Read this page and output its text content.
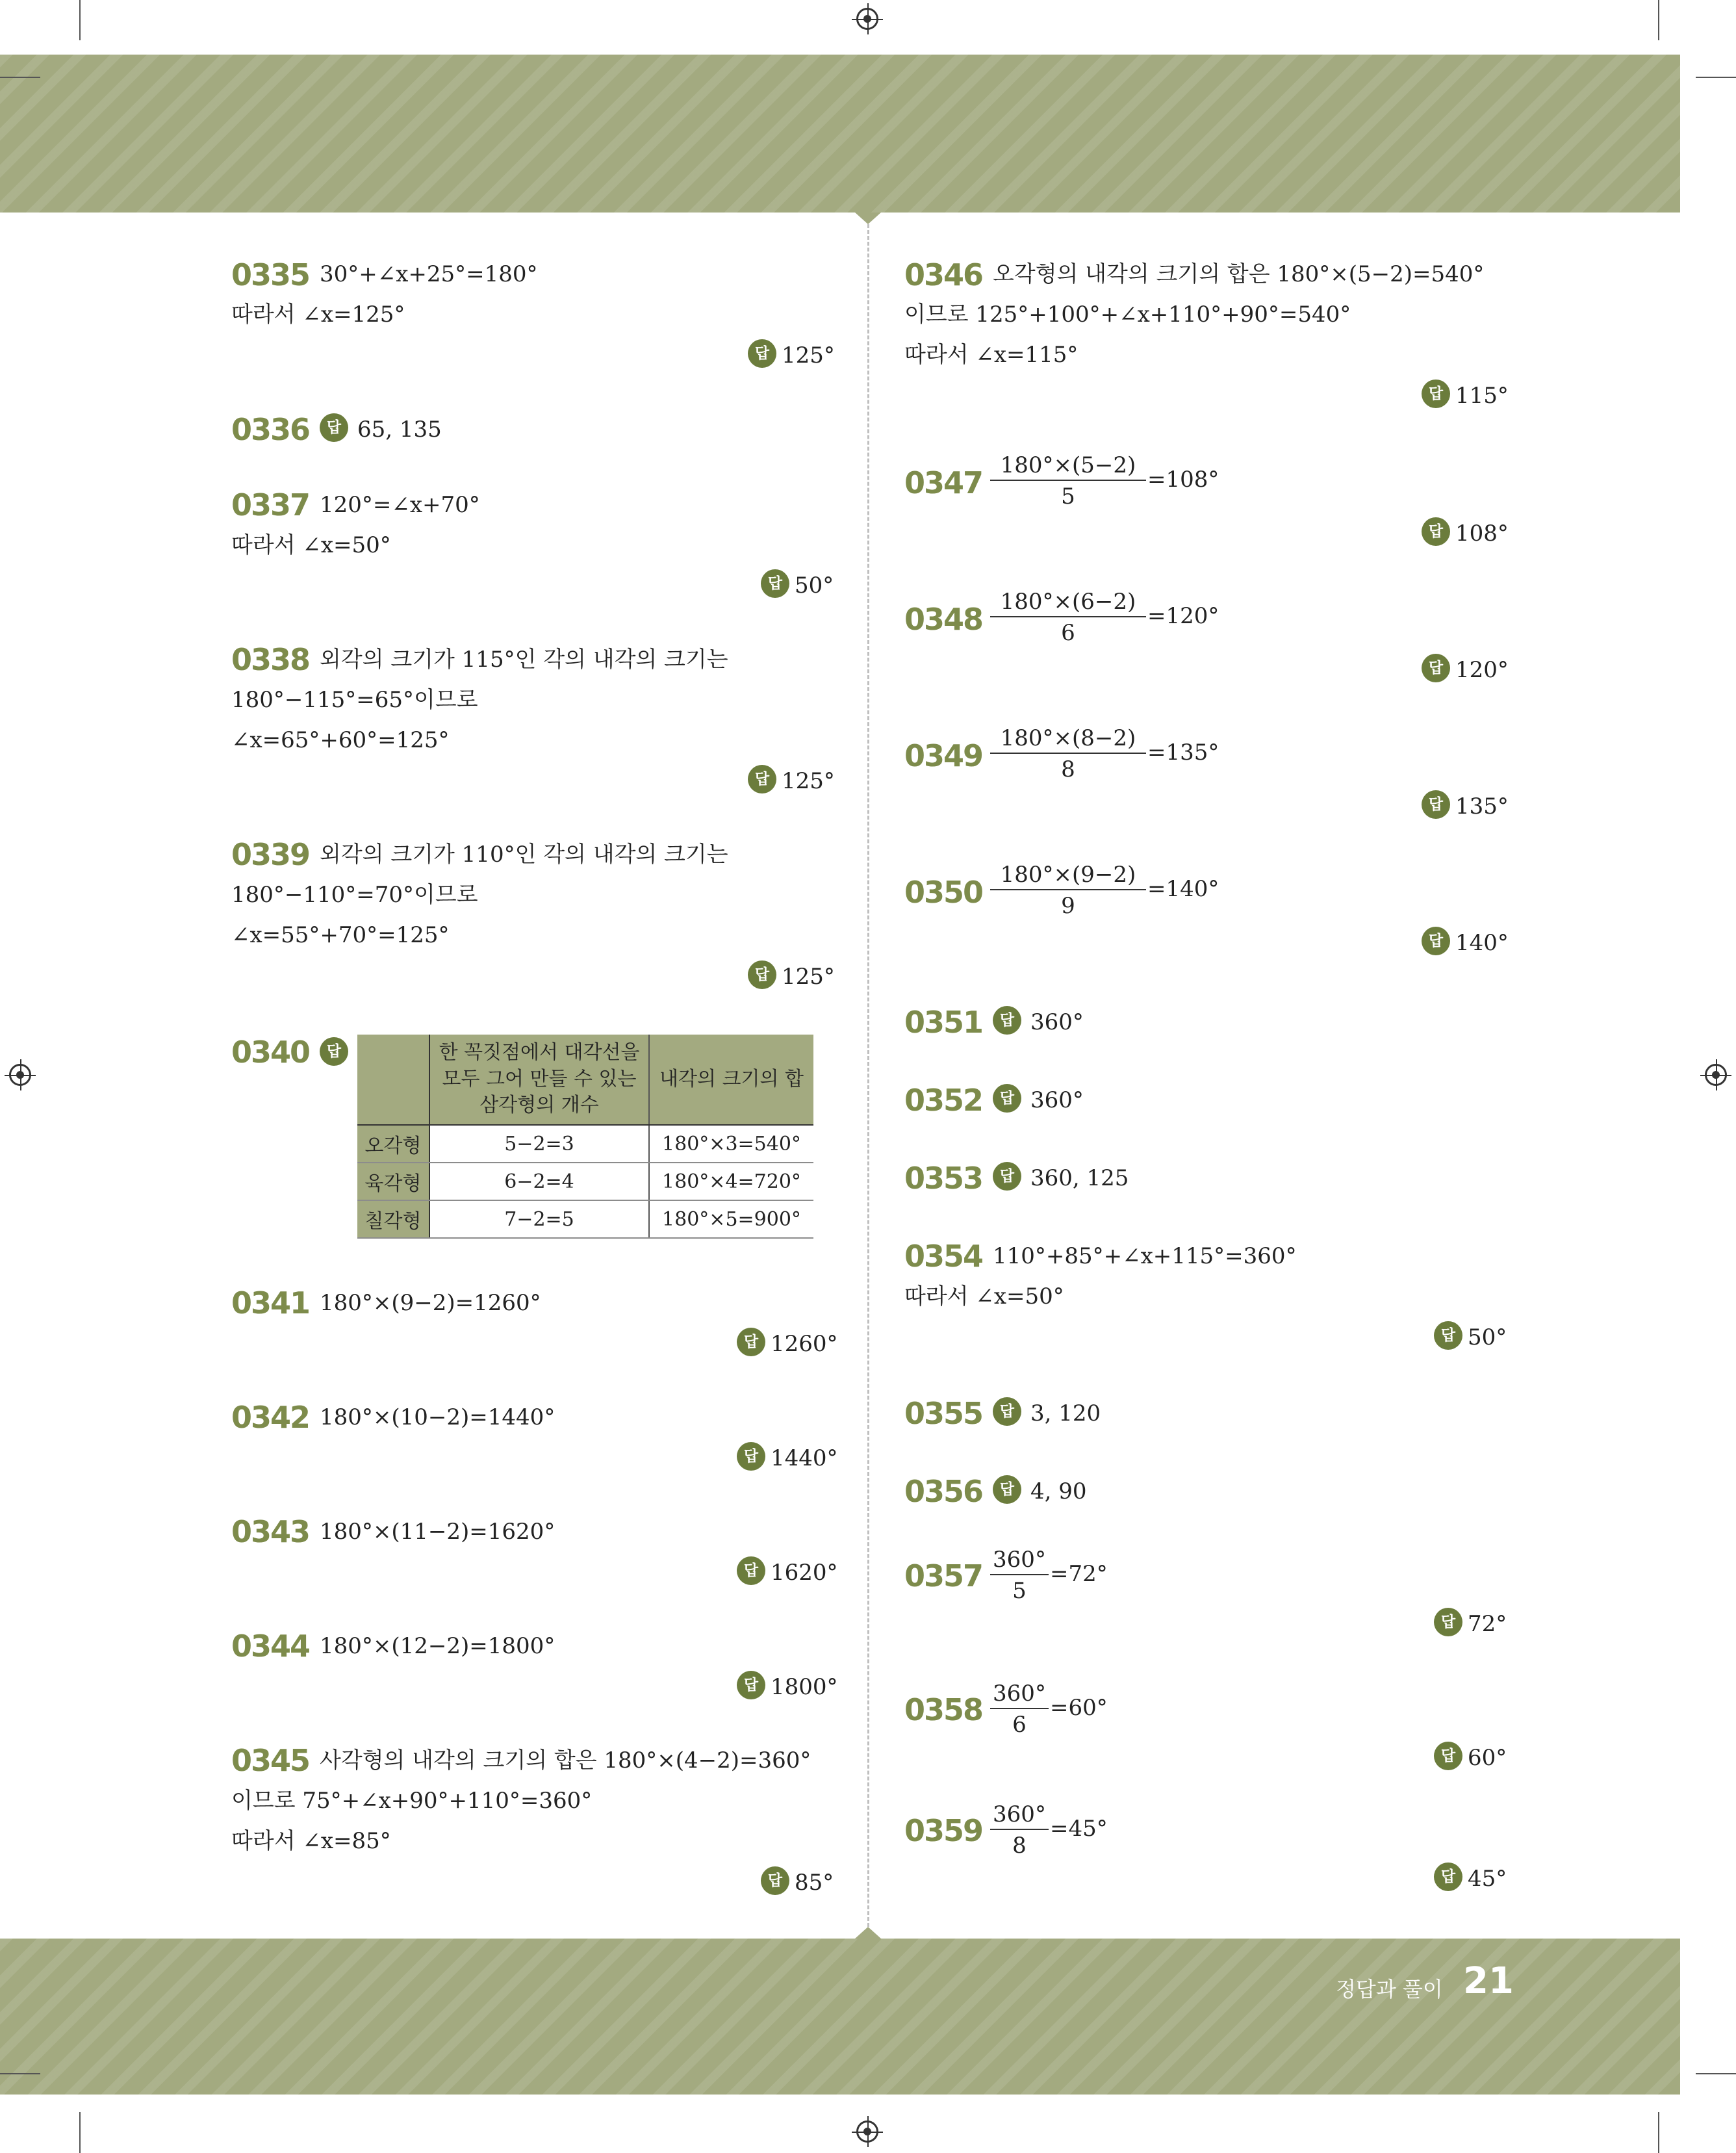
0335 30°+∠x+25°=180°
따라서 ∠x=125°
답 125°
0336	답 65, 135
0337 120°=∠x+70°
따라서 ∠x=50°
답 50°
0338 외각의 크기가 115°인 각의 내각의 크기는
180°−115°=65°이므로
∠x=65°+60°=125°
답 125°
0339 외각의 크기가 110°인 각의 내각의 크기는
180°−110°=70°이므로
∠x=55°+70°=125°
답 125°
0340	답
		한 꼭짓점에서 대각선을
모두 그어 만들 수 있는
삼각형의 개수	내각의 크기의 합
오각형	5−2=3	180°×3=540°
육각형	6−2=4	180°×4=720°
칠각형	7−2=5	180°×5=900°
0341 180°×(9−2)=1260°
답 1260°
0342 180°×(10−2)=1440°
답 1440°
0343 180°×(11−2)=1620°
답 1620°
0344 180°×(12−2)=1800°
답 1800°
0345 사각형의 내각의 크기의 합은 180°×(4−2)=360°
이므로 75°+∠x+90°+110°=360°
따라서 ∠x=85°
답 85°
0346 오각형의 내각의 크기의 합은 180°×(5−2)=540°
이므로 125°+100°+∠x+110°+90°=540°
따라서 ∠x=115°
답 115°
0347 180°×(5−2)
5
=108°
답 108°
0348 180°×(6−2)
6
=120°
답 120°
0349 180°×(8−2)
8
=135°
답 135°
0350 180°×(9−2)
9
=140°
답 140°
0351	답 360°
0352	답 360°
0353	답 360, 125
0354 110°+85°+∠x+115°=360°
따라서 ∠x=50°
답 50°
0355	답 3, 120
0356	답 4, 90
0357 360°
5
=72°
답 72°
0358 360°
6
=60°
답 60°
0359 360°
8
=45°
답 45°
정답과 풀이 21
